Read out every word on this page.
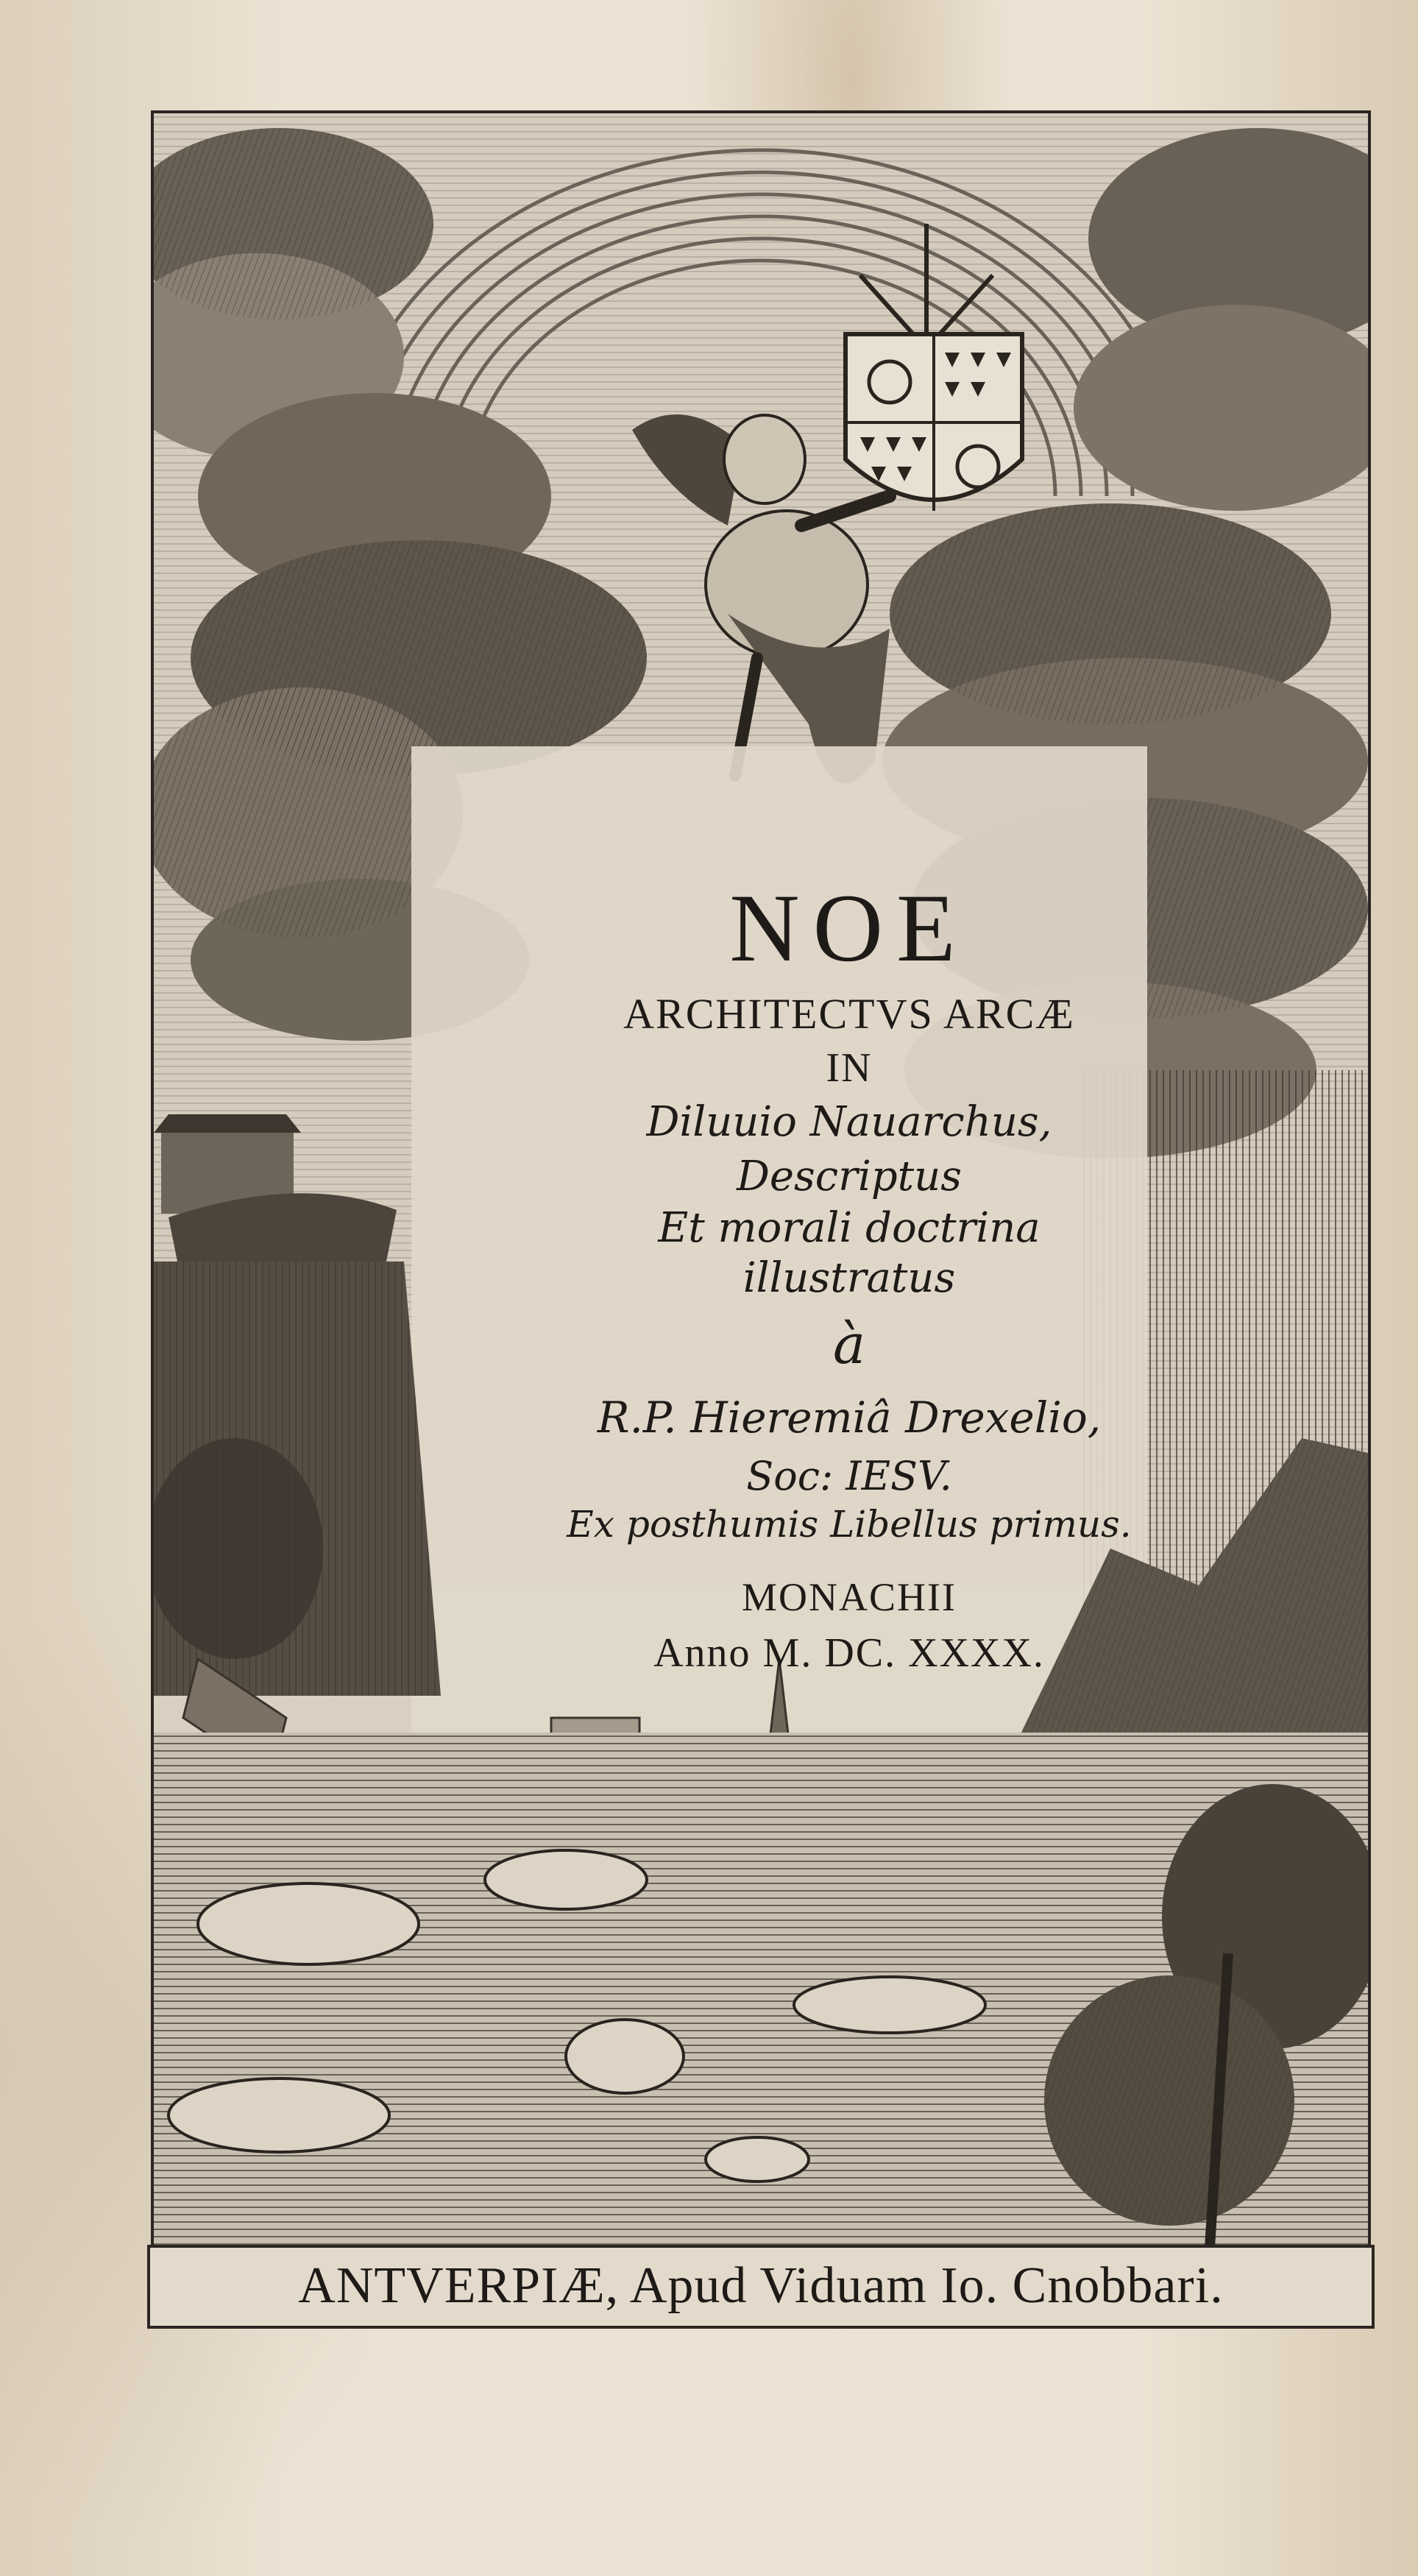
NOE
ARCHITECTVS ARCÆ
IN
Diluuio Nauarchus,
Descriptus
Et morali doctrina
illustratus
à
R.P. Hieremiâ Drexelio,
Soc: IESV.
Ex posthumis Libellus primus.
MONACHII
Anno M. DC. XXXX.
ANTVERPIÆ, Apud Viduam Io. Cnobbari.
